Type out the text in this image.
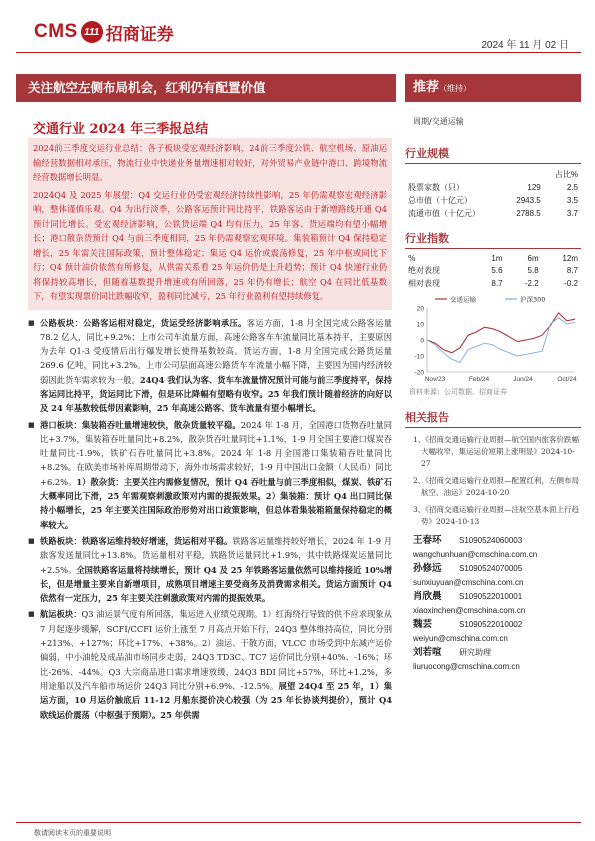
CMS 111 招商证券
2024 年 11 月 02 日
关注航空左侧布局机会，红利仍有配置价值	推荐（维持）
交通行业 2024 年三季报总结

2024前三季度交运行业总结：各子板块受宏观经济影响，24前三季度公铁、航空机场、原油运输经营数据相对承压，物流行业中快递业务量增速相对较好，对外贸易产业链中港口、跨境物流经营数据增长明显。

2024Q4 及 2025 年展望：Q4 交运行业仍受宏观经济持续性影响，25 年仍需观察宏观经济影响，整体谨慎乐观。Q4 为出行淡季，公路客运预计同比持平，铁路客运由于新增路线开通 Q4 预计同比增长。受宏观经济影响，公铁货运端 Q4 均有压力，25 年客、货运端均有望小幅增长；港口散杂货预计 Q4 与前三季度相同，25 年仍需观察宏观环境。集装箱预计 Q4 保持稳定增长，25 年需关注国际政策，预计整体稳定；集运 Q4 运价或震荡修复，25 年中枢或同比下行；Q4 预计油价依然有所修复，从供需关系看 25 年运价仍是上升趋势；预计 Q4 快递行业仍将保持较高增长，但随着基数提升增速或有所回落，25 年仍有增长；航空 Q4 在同比低基数下，有望实现票价同比跌幅收窄，盈利同比减亏，25 年行业盈利有望持续修复。

■ 公路板块：公路客运相对稳定，货运受经济影响承压。客运方面，1-8 月全国完成公路客运量 78.2 亿人，同比+9.2%；上市公司车流量方面，高速公路客车车流量同比基本持平，主要原因为去年 Q1-3 受疫情后出行爆发增长使得基数较高。货运方面，1-8 月全国完成公路货运量 269.6 亿吨，同比+3.2%。上市公司层面高速公路货车车流量小幅下降，主要因为国内经济较弱因此货车需求较为一般。24Q4 我们认为客、货车车流量情况预计可能与前三季度持平，保持客运同比持平，货运同比下滑，但是环比降幅有望略有收窄。25 年我们预计随着经济的向好以及 24 年基数较低带因素影响，25 年高速公路客、货车流量有望小幅增长。
■ 港口板块：集装箱吞吐量增速较快，散杂货量较平稳。2024 年 1-8 月，全国港口货物吞吐量同比+3.7%，集装箱吞吐量同比+8.2%，散杂货吞吐量同比+1.1%，1-9 月全国主要港口煤炭吞吐量同比-1.9%，铁矿石吞吐量同比+3.8%。2024 年 1-8 月全国港口集装箱吞吐量同比+8.2%。在欧美市场补库周期带动下，海外市场需求较好，1-9 月中国出口金额（人民币）同比+6.2%。1）散杂货：主要关注内需修复情况，预计 Q4 吞吐量与前三季度相似，煤炭、铁矿石大概率同比下滑，25 年需观察刺激政策对内需的提振效果。2）集装箱：预计 Q4 出口同比保持小幅增长，25 年主要关注国际政治形势对出口政策影响，但总体看集装箱箱量保持稳定的概率较大。
■ 铁路板块：铁路客运维持较好增速，货运相对平稳。铁路客运量维持较好增长，2024 年 1-9 月旅客发送量同比+13.8%。货运量相对平稳，铁路货运量同比+1.9%，其中铁路煤炭运量同比+2.5%。全国铁路客运量将持续增长，预计 Q4 及 25 年铁路客运量依然可以维持接近 10%增长，但是增量主要来自新增项目，成熟项目增速主要受商务及消费需求相关。货运方面预计 Q4 依然有一定压力，25 年主要关注刺激政策对内需的提振效果。
■ 航运板块：Q3 油运景气度有所回落，集运进入业绩兑现期。1）红海绕行导致的供不应求现象从 7 月起逐步缓解，SCFI/CCFI 运价上涨至 7 月高点开始下行，24Q3 整体维持高位，同比分别+213%、+127%；环比+17%、+38%。2）油运、干散方面，VLCC 市场受到中东减产运价偏弱，中小油轮及成品油市场同步走弱，24Q3 TD3C、TC7 运价同比分别+40%、-16%；环比-26%、-44%。Q3 大宗商品进口需求增速放缓，24Q3 BDI 同比+57%，环比+1.2%，多用途船以及汽车船市场运价 24Q3 同比分别+6.9%、-12.5%。展望 24Q4 至 25 年，1）集运方面，10 月运价触底后 11-12 月船东提价决心较强（为 25 年长协谈判提价），预计 Q4 欧线运价震荡（中枢强于预期）。25 年供需
周期/交通运输
行业规模
		占比%
股票家数（只）	129	2.5
总市值（十亿元）	2943.5	3.5
流通市值（十亿元）	2788.5	3.7
行业指数
%	1m	6m	12m
绝对表现	5.6	5.8	8.7
相对表现	8.7	-2.2	-0.2
-20
-10
0
10
20
Nov/23	Feb/24	Jun/24	Oct/24
交通运输	沪深300
资料来源：公司数据、招商证券
相关报告
1、《招商交通运输行业周报—航空国内旅客价跌幅大幅收窄，集运运价短期上涨明显》2024-10-27
2、《招商交通运输行业周报—配置红利，左侧布局航空、油运》2024-10-20
3、《招商交通运输行业周报—注航空基本面上行趋势》2024-10-13
王春环 S1090524060003
wangchunhuan@cmschina.com.cn
孙修远 S1090524070005
sunxiuyuan@cmschina.com.cn
肖欣晨 S1090522010001
xiaoxinchen@cmschina.com.cn
魏芸	S1090522010002
weiyun@cmschina.com.cn
刘若喧 研究助理
liuruocong@cmschina.com.cn
敬请阅读末页的重要说明
